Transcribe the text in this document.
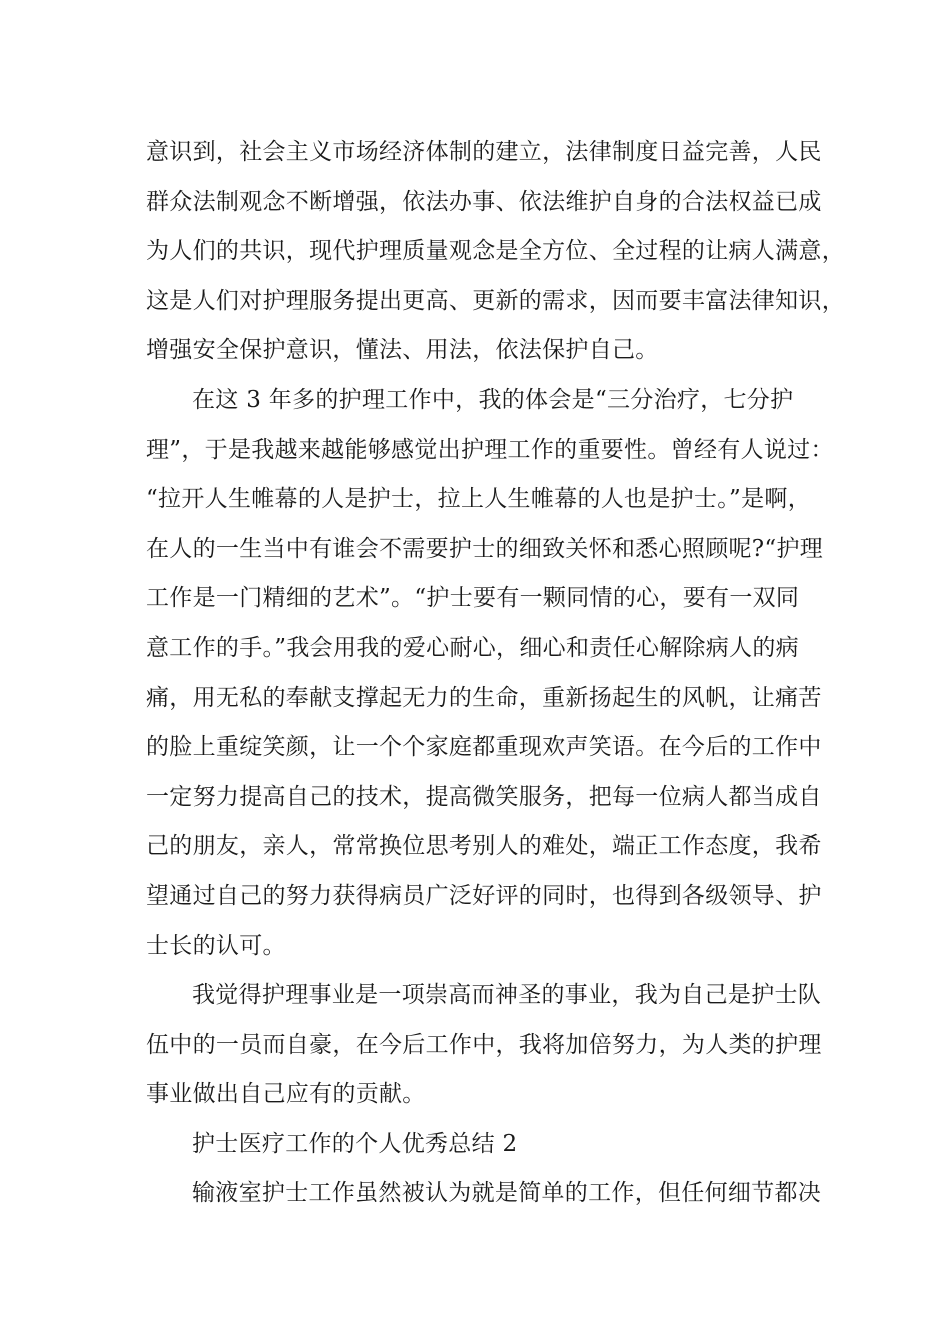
意识到，社会主义市场经济体制的建立，法律制度日益完善，人民
群众法制观念不断增强，依法办事、依法维护自身的合法权益已成
为人们的共识，现代护理质量观念是全方位、全过程的让病人满意，
这是人们对护理服务提出更高、更新的需求，因而要丰富法律知识，
增强安全保护意识，懂法、用法，依法保护自己。
在这 3 年多的护理工作中，我的体会是“三分治疗，七分护
理”，于是我越来越能够感觉出护理工作的重要性。曾经有人说过：
“拉开人生帷幕的人是护士，拉上人生帷幕的人也是护士。”是啊，
在人的一生当中有谁会不需要护士的细致关怀和悉心照顾呢?“护理
工作是一门精细的艺术”。“护士要有一颗同情的心，要有一双同
意工作的手。”我会用我的爱心耐心，细心和责任心解除病人的病
痛，用无私的奉献支撑起无力的生命，重新扬起生的风帆，让痛苦
的脸上重绽笑颜，让一个个家庭都重现欢声笑语。在今后的工作中
一定努力提高自己的技术，提高微笑服务，把每一位病人都当成自
己的朋友，亲人，常常换位思考别人的难处，端正工作态度，我希
望通过自己的努力获得病员广泛好评的同时，也得到各级领导、护
士长的认可。
我觉得护理事业是一项崇高而神圣的事业，我为自己是护士队
伍中的一员而自豪，在今后工作中，我将加倍努力，为人类的护理
事业做出自己应有的贡献。
护士医疗工作的个人优秀总结 2
输液室护士工作虽然被认为就是简单的工作，但任何细节都决
